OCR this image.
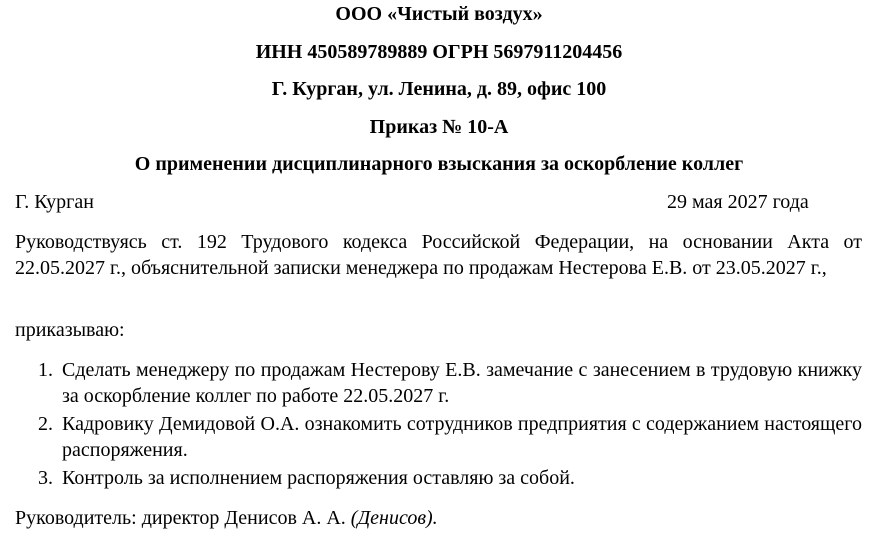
ООО «Чистый воздух»
ИНН 450589789889 ОГРН 5697911204456
Г. Курган, ул. Ленина, д. 89, офис 100
Приказ № 10-А
О применении дисциплинарного взыскания за оскорбление коллег
Г. Курган	29 мая 2027 года
Руководствуясь ст. 192 Трудового кодекса Российской Федерации, на основании Акта от 22.05.2027 г., объяснительной записки менеджера по продажам Нестерова Е.В. от 23.05.2027 г.,
приказываю:
1. Сделать менеджеру по продажам Нестерову Е.В. замечание с занесением в трудовую книжку за оскорбление коллег по работе 22.05.2027 г.
2. Кадровику Демидовой О.А. ознакомить сотрудников предприятия с содержанием настоящего распоряжения.
3. Контроль за исполнением распоряжения оставляю за собой.
Руководитель: директор Денисов А. А. (Денисов).
